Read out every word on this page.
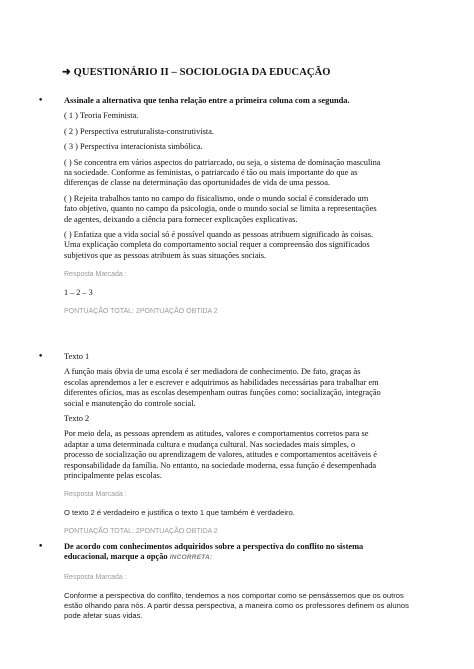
➜ QUESTIONÁRIO II – SOCIOLOGIA DA EDUCAÇÃO
• Assinale a alternativa que tenha relação entre a primeira coluna com a segunda.

( 1 ) Teoria Feminista.

( 2 ) Perspectiva estruturalista-construtivista.

( 3 ) Perspectiva interacionista simbólica.

( ) Se concentra em vários aspectos do patriarcado, ou seja, o sistema de dominação masculina

na sociedade. Conforme as feministas, o patriarcado é tão ou mais importante do que as

diferenças de classe na determinação das oportunidades de vida de uma pessoa.

( ) Rejeita trabalhos tanto no campo do fisicalismo, onde o mundo social é considerado um

fato objetivo, quanto no campo da psicologia, onde o mundo social se limita a representações

de agentes, deixando a ciência para fornecer explicações explicativas.

( ) Enfatiza que a vida social só é possível quando as pessoas atribuem significado às coisas.

Uma explicação completa do comportamento social requer a compreensão dos significados

subjetivos que as pessoas atribuem às suas situações sociais.

Resposta Marcada :

1 – 2 – 3

PONTUAÇÃO TOTAL: 2PONTUAÇÃO OBTIDA 2

• Texto 1

A função mais óbvia de uma escola é ser mediadora de conhecimento. De fato, graças às

escolas aprendemos a ler e escrever e adquirimos as habilidades necessárias para trabalhar em

diferentes ofícios, mas as escolas desempenham outras funções como: socialização, integração

social e manutenção do controle social.

Texto 2

Por meio dela, as pessoas aprendem as atitudes, valores e comportamentos corretos para se

adaptar a uma determinada cultura e mudança cultural. Nas sociedades mais simples, o

processo de socialização ou aprendizagem de valores, atitudes e comportamentos aceitáveis é

responsabilidade da família. No entanto, na sociedade moderna, essa função é desempenhada

principalmente pelas escolas.

Resposta Marcada :

O texto 2 é verdadeiro e justifica o texto 1 que também é verdadeiro.

PONTUAÇÃO TOTAL: 2PONTUAÇÃO OBTIDA 2

• De acordo com conhecimentos adquiridos sobre a perspectiva do conflito no sistema

educacional, marque a opção INCORRETA:

Resposta Marcada :

Conforme a perspectiva do conflito, tendemos a nos comportar como se pensássemos que os outros

estão olhando para nós. A partir dessa perspectiva, a maneira como os professores definem os alunos

pode afetar suas vidas.
